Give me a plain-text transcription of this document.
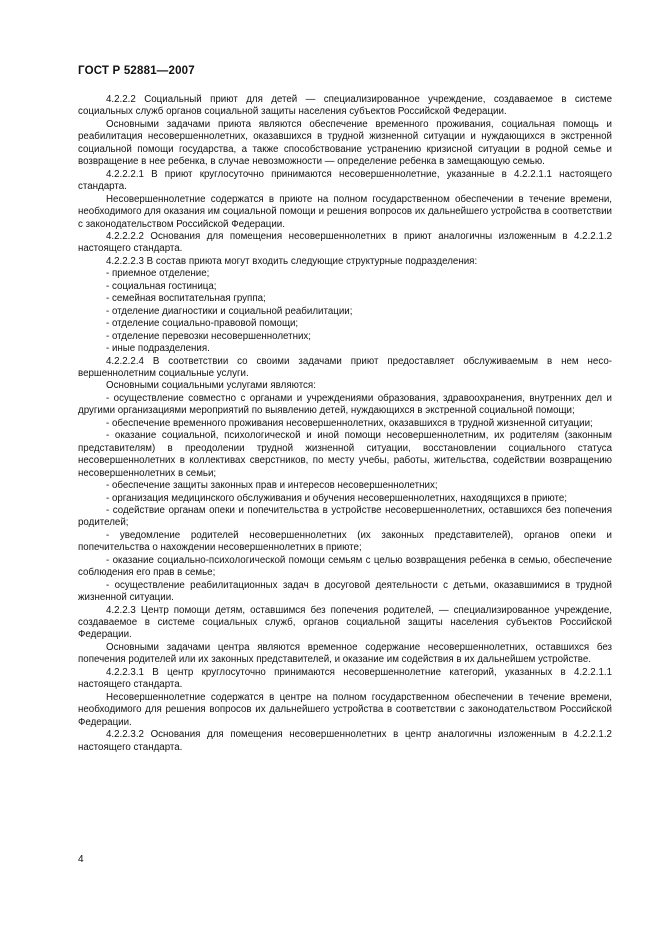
ГОСТ Р 52881—2007

4.2.2.2 Социальный приют для детей — специализированное учреждение, создаваемое в системе социальных служб органов социальной защиты населения субъектов Российской Федерации.

Основными задачами приюта являются обеспечение временного проживания, социальная помощь и реабилитация несовершеннолетних, оказавшихся в трудной жизненной ситуации и нуждающихся в экстренной социальной помощи государства, а также способствование устранению кризисной ситуации в родной семье и возвращение в нее ребенка, в случае невозможности — определение ребенка в замещающую семью.

4.2.2.2.1 В приют круглосуточно принимаются несовершеннолетние, указанные в 4.2.2.1.1 настоящего стандарта.

Несовершеннолетние содержатся в приюте на полном государственном обеспечении в течение времени, необходимого для оказания им социальной помощи и решения вопросов их дальнейшего устройства в соответствии с законодательством Российской Федерации.

4.2.2.2.2 Основания для помещения несовершеннолетних в приют аналогичны изложенным в 4.2.2.1.2 настоящего стандарта.

4.2.2.2.3 В состав приюта могут входить следующие структурные подразделения:

- приемное отделение;

- социальная гостиница;

- семейная воспитательная группа;

- отделение диагностики и социальной реабилитации;

- отделение социально-правовой помощи;

- отделение перевозки несовершеннолетних;

- иные подразделения.

4.2.2.2.4 В соответствии со своими задачами приют предоставляет обслуживаемым в нем несовершеннолетним социальные услуги.

Основными социальными услугами являются:

- осуществление совместно с органами и учреждениями образования, здравоохранения, внутренних дел и другими организациями мероприятий по выявлению детей, нуждающихся в экстренной социальной помощи;

- обеспечение временного проживания несовершеннолетних, оказавшихся в трудной жизненной ситуации;

- оказание социальной, психологической и иной помощи несовершеннолетним, их родителям (законным представителям) в преодолении трудной жизненной ситуации, восстановлении социального статуса несовершеннолетних в коллективах сверстников, по месту учебы, работы, жительства, содействии возвращению несовершеннолетних в семьи;

- обеспечение защиты законных прав и интересов несовершеннолетних;

- организация медицинского обслуживания и обучения несовершеннолетних, находящихся в приюте;

- содействие органам опеки и попечительства в устройстве несовершеннолетних, оставшихся без попечения родителей;

- уведомление родителей несовершеннолетних (их законных представителей), органов опеки и попечительства о нахождении несовершеннолетних в приюте;

- оказание социально-психологической помощи семьям с целью возвращения ребенка в семью, обеспечение соблюдения его прав в семье;

- осуществление реабилитационных задач в досуговой деятельности с детьми, оказавшимися в трудной жизненной ситуации.

4.2.2.3 Центр помощи детям, оставшимся без попечения родителей, — специализированное учреждение, создаваемое в системе социальных служб, органов социальной защиты населения субъектов Российской Федерации.

Основными задачами центра являются временное содержание несовершеннолетних, оставшихся без попечения родителей или их законных представителей, и оказание им содействия в их дальнейшем устройстве.

4.2.2.3.1 В центр круглосуточно принимаются несовершеннолетние категорий, указанных в 4.2.2.1.1 настоящего стандарта.

Несовершеннолетние содержатся в центре на полном государственном обеспечении в течение времени, необходимого для решения вопросов их дальнейшего устройства в соответствии с законодательством Российской Федерации.

4.2.2.3.2 Основания для помещения несовершеннолетних в центр аналогичны изложенным в 4.2.2.1.2 настоящего стандарта.

4
